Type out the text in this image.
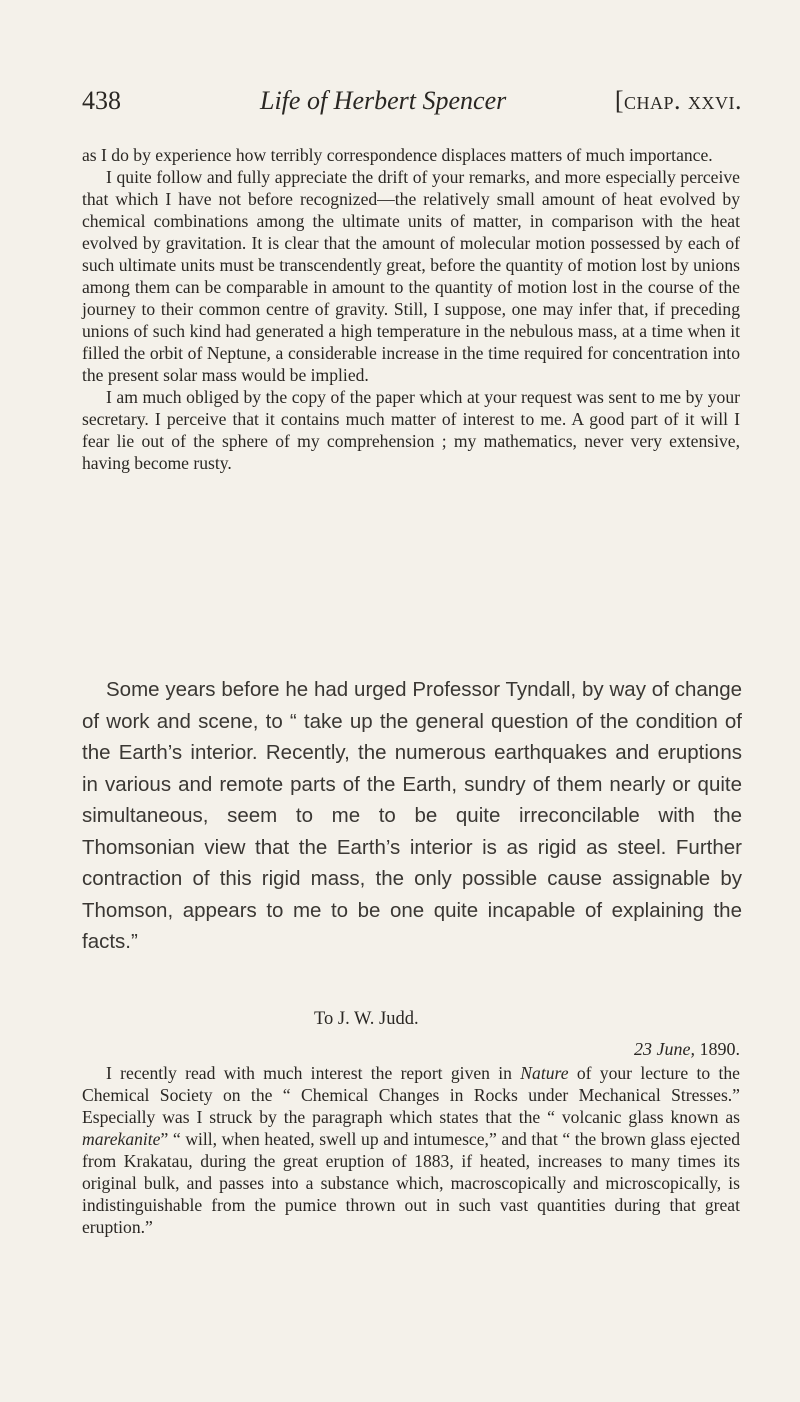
438	Life of Herbert Spencer	[chap. xxvi.

as I do by experience how terribly correspondence displaces matters of much importance.

I quite follow and fully appreciate the drift of your remarks, and more especially perceive that which I have not before recognized—the relatively small amount of heat evolved by chemical combinations among the ultimate units of matter, in comparison with the heat evolved by gravitation. It is clear that the amount of molecular motion possessed by each of such ultimate units must be transcendently great, before the quantity of motion lost by unions among them can be comparable in amount to the quantity of motion lost in the course of the journey to their common centre of gravity. Still, I suppose, one may infer that, if preceding unions of such kind had generated a high temperature in the nebulous mass, at a time when it filled the orbit of Neptune, a considerable increase in the time required for concentration into the present solar mass would be implied.

I am much obliged by the copy of the paper which at your request was sent to me by your secretary. I perceive that it contains much matter of interest to me. A good part of it will I fear lie out of the sphere of my comprehension ; my mathematics, never very extensive, having become rusty.

Some years before he had urged Professor Tyndall, by way of change of work and scene, to “ take up the general question of the condition of the Earth’s interior. Recently, the numerous earthquakes and eruptions in various and remote parts of the Earth, sundry of them nearly or quite simultaneous, seem to me to be quite irreconcilable with the Thomsonian view that the Earth’s interior is as rigid as steel. Further contraction of this rigid mass, the only possible cause assignable by Thomson, appears to me to be one quite incapable of explaining the facts.”

To J. W. Judd.
23 June, 1890.

I recently read with much interest the report given in Nature of your lecture to the Chemical Society on the “ Chemical Changes in Rocks under Mechanical Stresses.” Especially was I struck by the paragraph which states that the “ volcanic glass known as marekanite” “ will, when heated, swell up and intumesce,” and that “ the brown glass ejected from Krakatau, during the great eruption of 1883, if heated, increases to many times its original bulk, and passes into a substance which, macroscopically and microscopically, is indistinguishable from the pumice thrown out in such vast quantities during that great eruption.”
